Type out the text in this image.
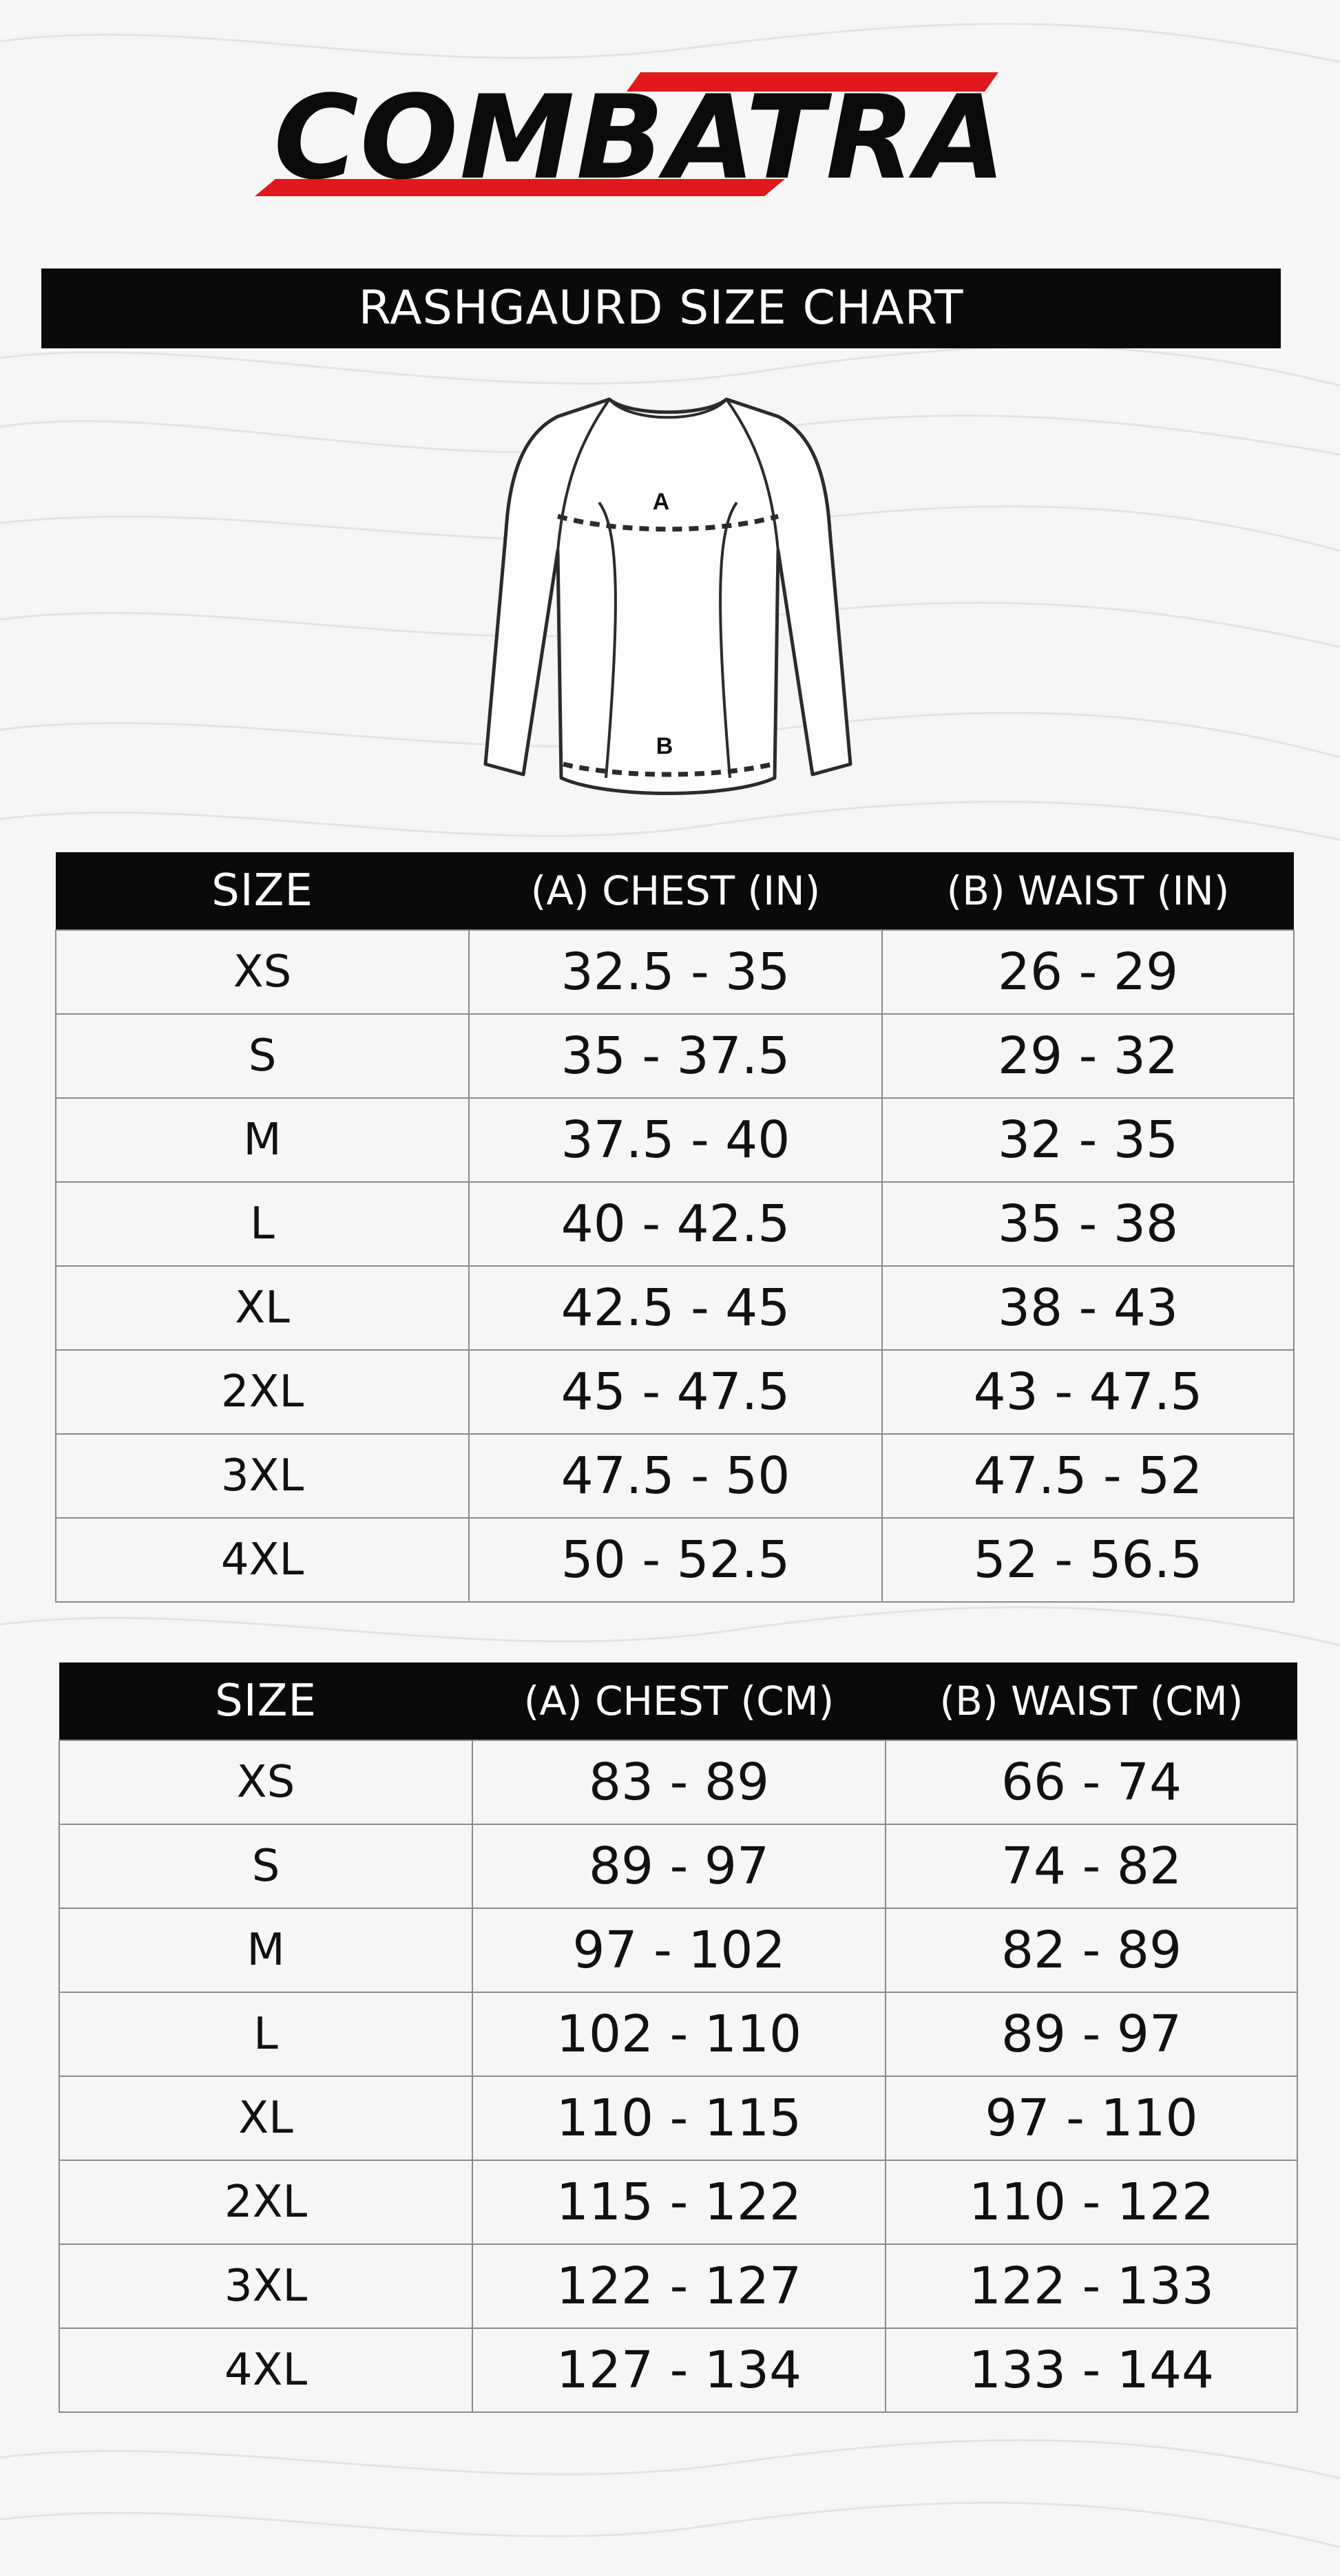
COMBATRA
RASHGAURD SIZE CHART
A
B
SIZE	(A) CHEST (IN)	(B) WAIST (IN)
XS	32.5 - 35	26 - 29
S	35 - 37.5	29 - 32
M	37.5 - 40	32 - 35
L	40 - 42.5	35 - 38
XL	42.5 - 45	38 - 43
2XL	45 - 47.5	43 - 47.5
3XL	47.5 - 50	47.5 - 52
4XL	50 - 52.5	52 - 56.5
SIZE	(A) CHEST (CM)	(B) WAIST (CM)
XS	83 - 89	66 - 74
S	89 - 97	74 - 82
M	97 - 102	82 - 89
L	102 - 110	89 - 97
XL	110 - 115	97 - 110
2XL	115 - 122	110 - 122
3XL	122 - 127	122 - 133
4XL	127 - 134	133 - 144
